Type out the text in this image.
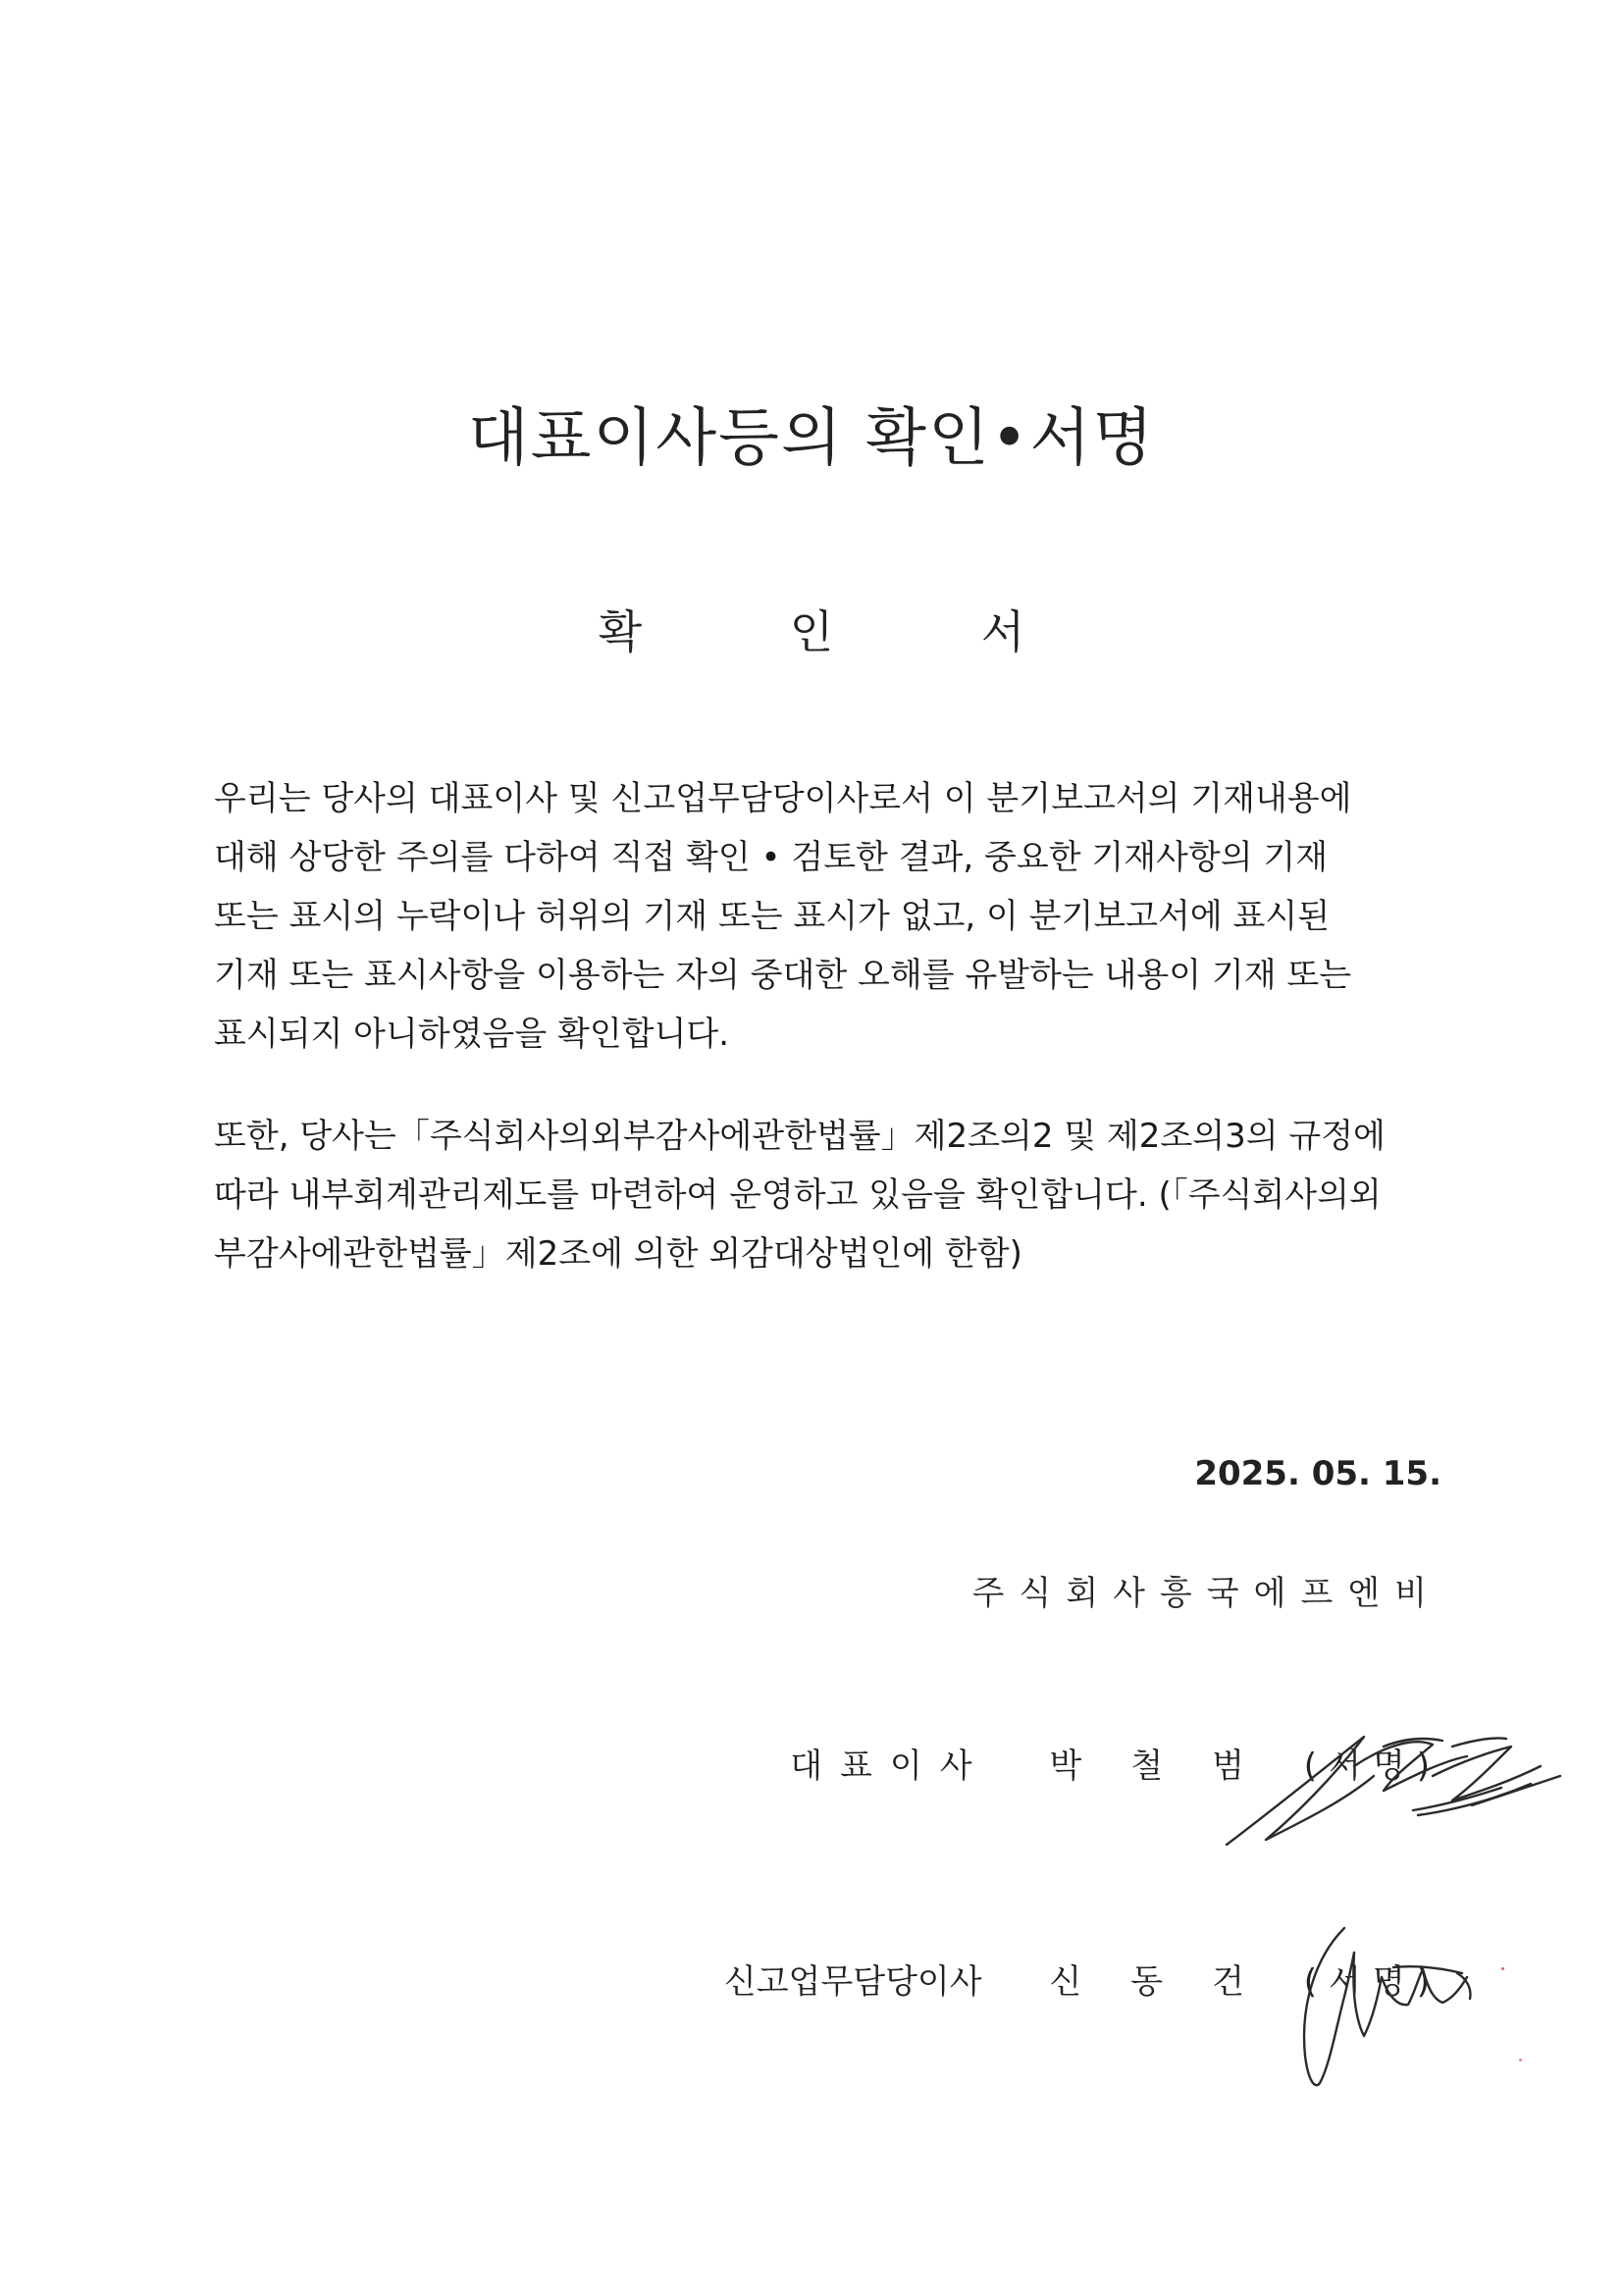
대표이사등의 확인•서명
확 인 서
우리는 당사의 대표이사 및 신고업무담당이사로서 이 분기보고서의 기재내용에
대해 상당한 주의를 다하여 직접 확인 • 검토한 결과, 중요한 기재사항의 기재
또는 표시의 누락이나 허위의 기재 또는 표시가 없고, 이 분기보고서에 표시된
기재 또는 표시사항을 이용하는 자의 중대한 오해를 유발하는 내용이 기재 또는
표시되지 아니하였음을 확인합니다.
또한, 당사는「주식회사의외부감사에관한법률」제2조의2 및 제2조의3의 규정에
따라 내부회계관리제도를 마련하여 운영하고 있음을 확인합니다. (「주식회사의외
부감사에관한법률」제2조에 의한 외감대상법인에 한함)
2025. 05. 15.
주식회사흥국에프엔비
대표이사 박철범 (서명)
신고업무담당이사 신동건 (서명)
